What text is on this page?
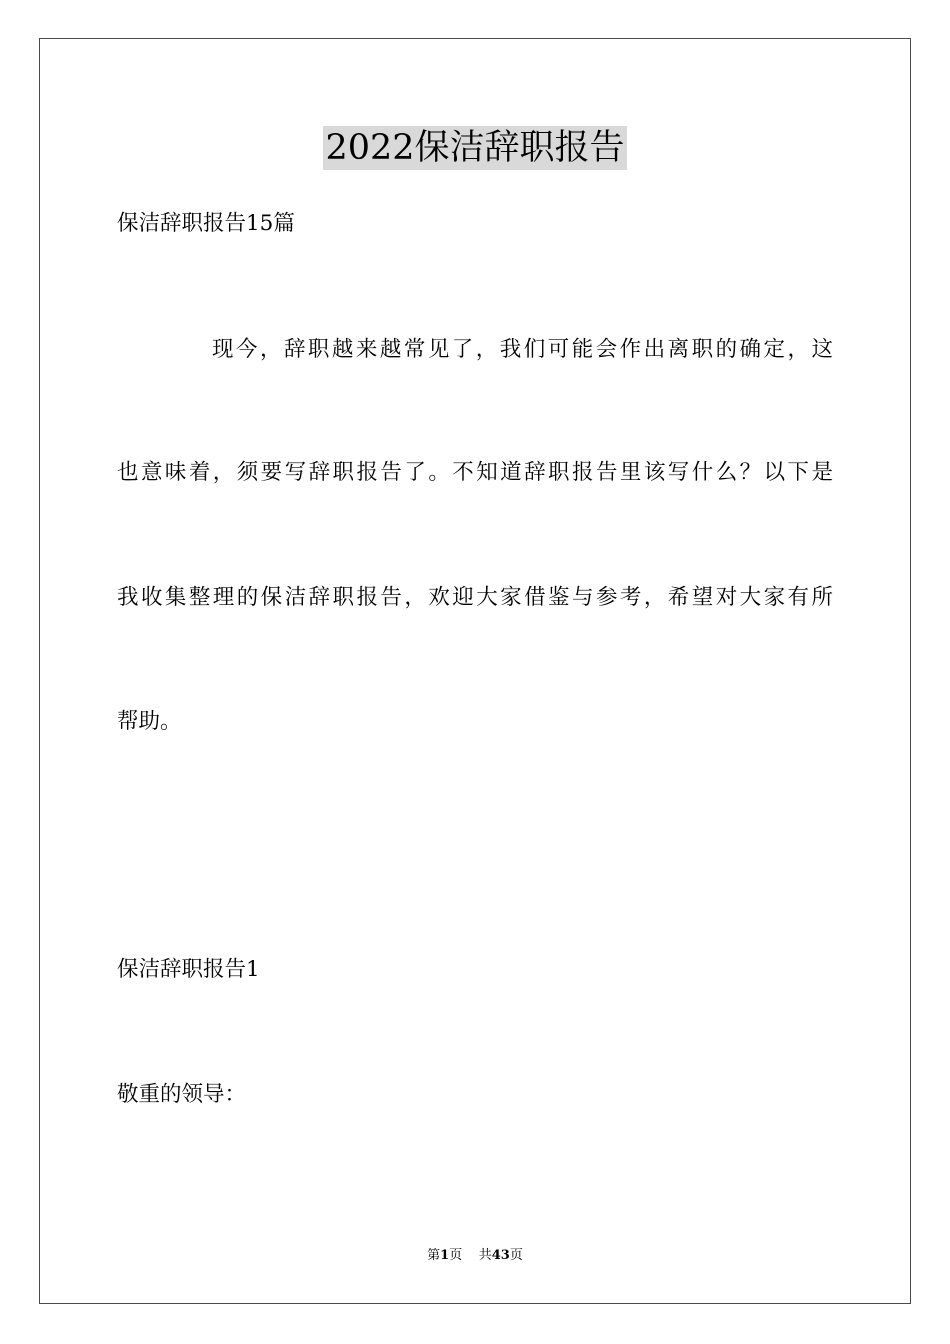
2022保洁辞职报告

保洁辞职报告15篇

现今，辞职越来越常见了，我们可能会作出离职的确定，这

也意味着，须要写辞职报告了。不知道辞职报告里该写什么？以下是

我收集整理的保洁辞职报告，欢迎大家借鉴与参考，希望对大家有所

帮助。

保洁辞职报告1

敬重的领导：

第1页 共43页
